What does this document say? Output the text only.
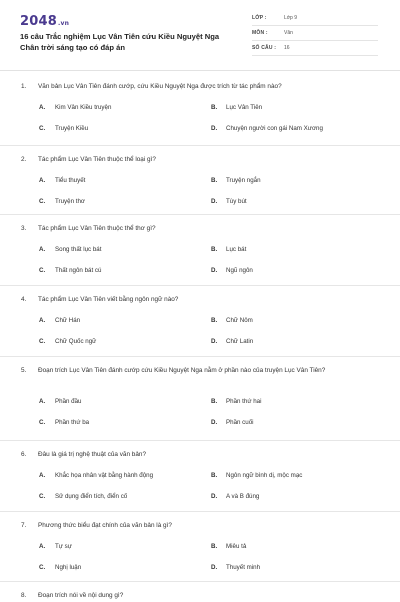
2048.vn
16 câu Trắc nghiệm Lục Vân Tiên cứu Kiều Nguyệt Nga
Chân trời sáng tạo có đáp án
LỚP :	Lớp 9
MÔN :	Văn
SỐ CÂU :	16
1. Văn bản Lục Vân Tiên đánh cướp, cứu Kiều Nguyệt Nga được trích từ tác phẩm nào?
A. Kim Vân Kiều truyện	B. Lục Vân Tiên
C. Truyện Kiều	D. Chuyện người con gái Nam Xương
2. Tác phẩm Lục Vân Tiên thuộc thể loại gì?
A. Tiểu thuyết	B. Truyện ngắn
C. Truyện thơ	D. Tùy bút
3. Tác phẩm Lục Vân Tiên thuộc thể thơ gì?
A. Song thất lục bát	B. Lục bát
C. Thất ngôn bát cú	D. Ngũ ngôn
4. Tác phẩm Lục Vân Tiên viết bằng ngôn ngữ nào?
A. Chữ Hán	B. Chữ Nôm
C. Chữ Quốc ngữ	D. Chữ Latin
5. Đoạn trích Lục Vân Tiên đánh cướp cứu Kiều Nguyệt Nga nằm ở phần nào của truyện Lục Vân Tiên?
A. Phần đầu	B. Phần thứ hai
C. Phần thứ ba	D. Phần cuối
6. Đâu là giá trị nghệ thuật của văn bản?
A. Khắc họa nhân vật bằng hành động	B. Ngôn ngữ bình dị, mộc mạc
C. Sử dụng điển tích, điển cố	D. A và B đúng
7. Phương thức biểu đạt chính của văn bản là gì?
A. Tự sự	B. Miêu tả
C. Nghị luận	D. Thuyết minh
8. Đoạn trích nói về nội dung gì?
